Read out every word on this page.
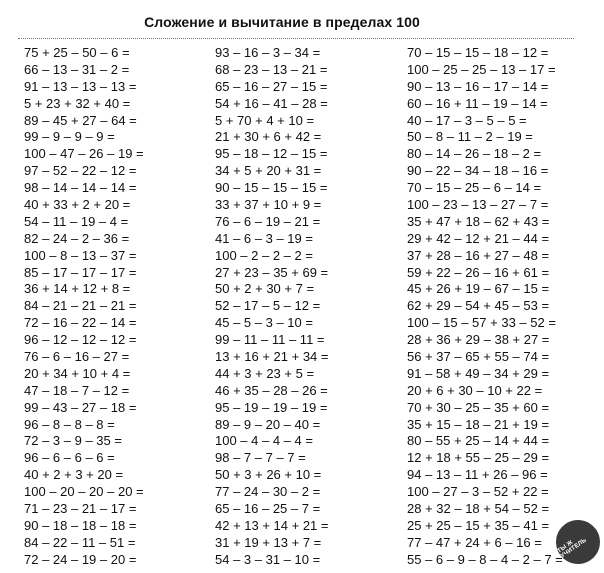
Сложение и вычитание в пределах 100
75 + 25 – 50 – 6 =
66 – 13 – 31 – 2 =
91 – 13 – 13 – 13 =
5 + 23 + 32 + 40 =
89 – 45 + 27 – 64 =
99 – 9 – 9 – 9 =
100 – 47 – 26 – 19 =
97 – 52 – 22 – 12 =
98 – 14 – 14 – 14 =
40 + 33 + 2 + 20 =
54 – 11 – 19 – 4 =
82 – 24 – 2 – 36 =
100 – 8 – 13 – 37 =
85 – 17 – 17 – 17 =
36 + 14 + 12 + 8 =
84 – 21 – 21 – 21 =
72 – 16 – 22 – 14 =
96 – 12 – 12 – 12 =
76 – 6 – 16 – 27 =
20 + 34 + 10 + 4 =
47 – 18 – 7 – 12 =
99 – 43 – 27 – 18 =
96 – 8 – 8 – 8 =
72 – 3 – 9 – 35 =
96 – 6 – 6 – 6 =
40 + 2 + 3 + 20 =
100 – 20 – 20 – 20 =
71 – 23 – 21 – 17 =
90 – 18 – 18 – 18 =
84 – 22 – 11 – 51 =
72 – 24 – 19 – 20 =
93 – 16 – 3 – 34 =
68 – 23 – 13 – 21 =
65 – 16 – 27 – 15 =
54 + 16 – 41 – 28 =
5 + 70 + 4 + 10 =
21 + 30 + 6 + 42 =
95 – 18 – 12 – 15 =
34 + 5 + 20 + 31 =
90 – 15 – 15 – 15 =
33 + 37 + 10 + 9 =
76 – 6 – 19 – 21 =
41 – 6 – 3 – 19 =
100 – 2 – 2 – 2 =
27 + 23 – 35 + 69 =
50 + 2 + 30 + 7 =
52 – 17 – 5 – 12 =
45 – 5 – 3 – 10 =
99 – 11 – 11 – 11 =
13 + 16 + 21 + 34 =
44 + 3 + 23 + 5 =
46 + 35 – 28 – 26 =
95 – 19 – 19 – 19 =
89 – 9 – 20 – 40 =
100 – 4 – 4 – 4 =
98 – 7 – 7 – 7 =
50 + 3 + 26 + 10 =
77 – 24 – 30 – 2 =
65 – 16 – 25 – 7 =
42 + 13 + 14 + 21 =
31 + 19 + 13 + 7 =
54 – 3 – 31 – 10 =
70 – 15 – 15 – 18 – 12 =
100 – 25 – 25 – 13 – 17 =
90 – 13 – 16 – 17 – 14 =
60 – 16 + 11 – 19 – 14 =
40 – 17 – 3 – 5 – 5 =
50 – 8 – 11 – 2 – 19 =
80 – 14 – 26 – 18 – 2 =
90 – 22 – 34 – 18 – 16 =
70 – 15 – 25 – 6 – 14 =
100 – 23 – 13 – 27 – 7 =
35 + 47 + 18 – 62 + 43 =
29 + 42 – 12 + 21 – 44 =
37 + 28 – 16 + 27 – 48 =
59 + 22 – 26 – 16 + 61 =
45 + 26 + 19 – 67 – 15 =
62 + 29 – 54 + 45 – 53 =
100 – 15 – 57 + 33 – 52 =
28 + 36 + 29 – 38 + 27 =
56 + 37 – 65 + 55 – 74 =
91 – 58 + 49 – 34 + 29 =
20 + 6 + 30 – 10 + 22 =
70 + 30 – 25 – 35 + 60 =
35 + 15 – 18 – 21 + 19 =
80 – 55 + 25 – 14 + 44 =
12 + 18 + 55 – 25 – 29 =
94 – 13 – 11 + 26 – 96 =
100 – 27 – 3 – 52 + 22 =
28 + 32 – 18 + 54 – 52 =
25 + 25 – 15 + 35 – 41 =
77 – 47 + 24 + 6 – 16 =
55 – 6 – 9 – 8 – 4 – 2 – 7 =
ТЫ Ж УЧИТЕЛЬ
